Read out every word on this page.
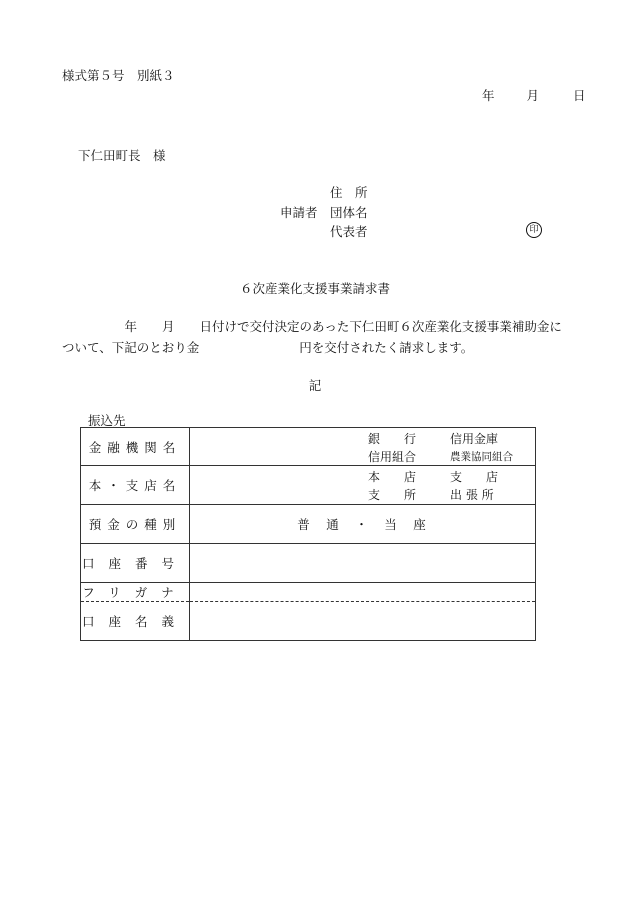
様式第５号　別紙３
年	月	日
下仁田町長　様
住　所
申請者 団体名
代表者	印
６次産業化支援事業請求書
　　　　　年　　月　　日付けで交付決定のあった下仁田町６次産業化支援事業補助金に
ついて、下記のとおり金　　　　　　　　円を交付されたく請求します。
記
振込先
金融機関名	銀　　行 信用金庫
信用組合 農業協同組合

本・支店名	本　　店 支　　店
支　　所 出 張 所

預金の種別	普　通　・　当　座
口座番号	
フリガナ	
口座名義	
